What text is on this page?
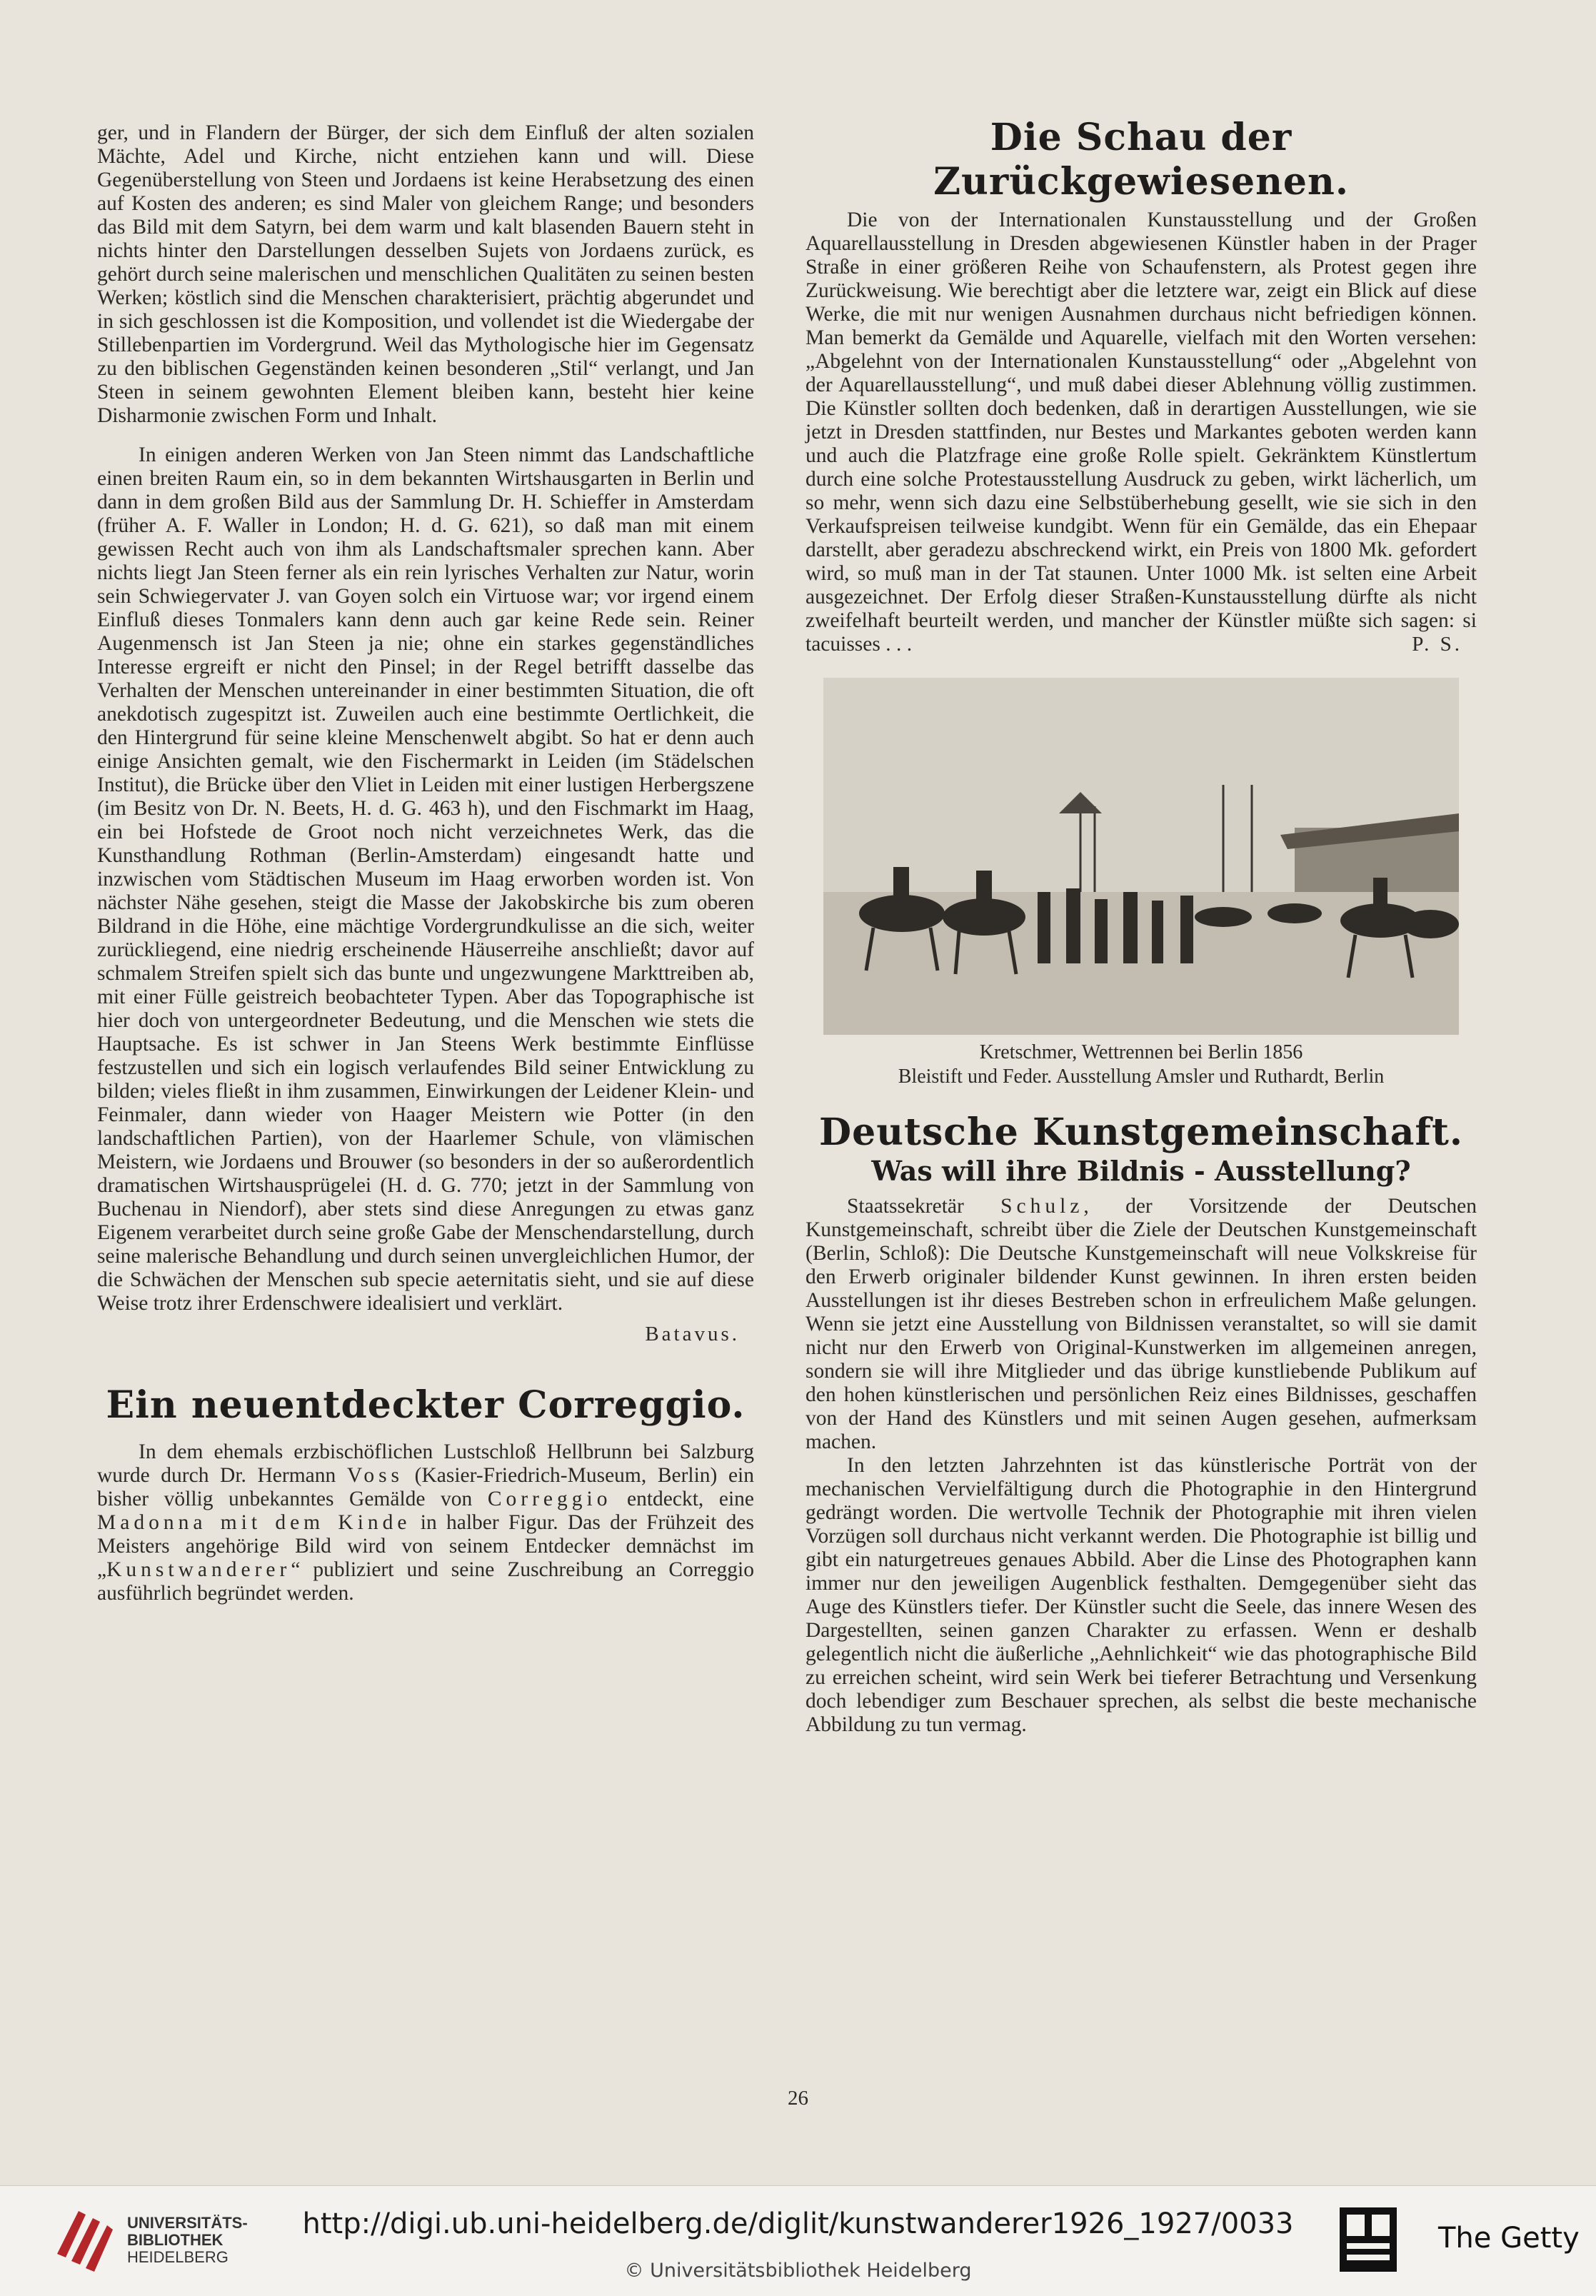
ger, und in Flandern der Bürger, der sich dem Einfluß der alten sozialen Mächte, Adel und Kirche, nicht entziehen kann und will. Diese Gegenüberstellung von Steen und Jordaens ist keine Herabsetzung des einen auf Kosten des anderen; es sind Maler von gleichem Range; und besonders das Bild mit dem Satyrn, bei dem warm und kalt blasenden Bauern steht in nichts hinter den Darstellungen desselben Sujets von Jordaens zurück, es gehört durch seine malerischen und menschlichen Qualitäten zu seinen besten Werken; köstlich sind die Menschen charakterisiert, prächtig abgerundet und in sich geschlossen ist die Komposition, und vollendet ist die Wiedergabe der Stillebenpartien im Vordergrund. Weil das Mythologische hier im Gegensatz zu den biblischen Gegenständen keinen besonderen „Stil“ verlangt, und Jan Steen in seinem gewohnten Element bleiben kann, besteht hier keine Disharmonie zwischen Form und Inhalt.

In einigen anderen Werken von Jan Steen nimmt das Landschaftliche einen breiten Raum ein, so in dem bekannten Wirtshausgarten in Berlin und dann in dem großen Bild aus der Sammlung Dr. H. Schieffer in Amsterdam (früher A. F. Waller in London; H. d. G. 621), so daß man mit einem gewissen Recht auch von ihm als Landschaftsmaler sprechen kann. Aber nichts liegt Jan Steen ferner als ein rein lyrisches Verhalten zur Natur, worin sein Schwiegervater J. van Goyen solch ein Virtuose war; vor irgend einem Einfluß dieses Tonmalers kann denn auch gar keine Rede sein. Reiner Augenmensch ist Jan Steen ja nie; ohne ein starkes gegenständliches Interesse ergreift er nicht den Pinsel; in der Regel betrifft dasselbe das Verhalten der Menschen untereinander in einer bestimmten Situation, die oft anekdotisch zugespitzt ist. Zuweilen auch eine bestimmte Oertlichkeit, die den Hintergrund für seine kleine Menschenwelt abgibt. So hat er denn auch einige Ansichten gemalt, wie den Fischermarkt in Leiden (im Städelschen Institut), die Brücke über den Vliet in Leiden mit einer lustigen Herbergszene (im Besitz von Dr. N. Beets, H. d. G. 463 h), und den Fischmarkt im Haag, ein bei Hofstede de Groot noch nicht verzeichnetes Werk, das die Kunsthandlung Rothman (Berlin-Amsterdam) eingesandt hatte und inzwischen vom Städtischen Museum im Haag erworben worden ist. Von nächster Nähe gesehen, steigt die Masse der Jakobskirche bis zum oberen Bildrand in die Höhe, eine mächtige Vordergrundkulisse an die sich, weiter zurückliegend, eine niedrig erscheinende Häuserreihe anschließt; davor auf schmalem Streifen spielt sich das bunte und ungezwungene Markttreiben ab, mit einer Fülle geistreich beobachteter Typen. Aber das Topographische ist hier doch von untergeordneter Bedeutung, und die Menschen wie stets die Hauptsache. Es ist schwer in Jan Steens Werk bestimmte Einflüsse festzustellen und sich ein logisch verlaufendes Bild seiner Entwicklung zu bilden; vieles fließt in ihm zusammen, Einwirkungen der Leidener Klein- und Feinmaler, dann wieder von Haager Meistern wie Potter (in den landschaftlichen Partien), von der Haarlemer Schule, von vlämischen Meistern, wie Jordaens und Brouwer (so besonders in der so außerordentlich dramatischen Wirtshausprügelei (H. d. G. 770; jetzt in der Sammlung von Buchenau in Niendorf), aber stets sind diese Anregungen zu etwas ganz Eigenem verarbeitet durch seine große Gabe der Menschendarstellung, durch seine malerische Behandlung und durch seinen unvergleichlichen Humor, der die Schwächen der Menschen sub specie aeternitatis sieht, und sie auf diese Weise trotz ihrer Erdenschwere idealisiert und verklärt.

Batavus.

Ein neuentdeckter Correggio.

In dem ehemals erzbischöflichen Lustschloß Hellbrunn bei Salzburg wurde durch Dr. Hermann Voss (Kasier-Friedrich-Museum, Berlin) ein bisher völlig unbekanntes Gemälde von Correggio entdeckt, eine Madonna mit dem Kinde in halber Figur. Das der Frühzeit des Meisters angehörige Bild wird von seinem Entdecker demnächst im „Kunstwanderer“ publiziert und seine Zuschreibung an Correggio ausführlich begründet werden.

Die Schau der Zurückgewiesenen.

Die von der Internationalen Kunstausstellung und der Großen Aquarellausstellung in Dresden abgewiesenen Künstler haben in der Prager Straße in einer größeren Reihe von Schaufenstern, als Protest gegen ihre Zurückweisung. Wie berechtigt aber die letztere war, zeigt ein Blick auf diese Werke, die mit nur wenigen Ausnahmen durchaus nicht befriedigen können. Man bemerkt da Gemälde und Aquarelle, vielfach mit den Worten versehen: „Abgelehnt von der Internationalen Kunstausstellung“ oder „Abgelehnt von der Aquarellausstellung“, und muß dabei dieser Ablehnung völlig zustimmen. Die Künstler sollten doch bedenken, daß in derartigen Ausstellungen, wie sie jetzt in Dresden stattfinden, nur Bestes und Markantes geboten werden kann und auch die Platzfrage eine große Rolle spielt. Gekränktem Künstlertum durch eine solche Protestausstellung Ausdruck zu geben, wirkt lächerlich, um so mehr, wenn sich dazu eine Selbstüberhebung gesellt, wie sie sich in den Verkaufspreisen teilweise kundgibt. Wenn für ein Gemälde, das ein Ehepaar darstellt, aber geradezu abschreckend wirkt, ein Preis von 1800 Mk. gefordert wird, so muß man in der Tat staunen. Unter 1000 Mk. ist selten eine Arbeit ausgezeichnet. Der Erfolg dieser Straßen-Kunstausstellung dürfte als nicht zweifelhaft beurteilt werden, und mancher der Künstler müßte sich sagen: si tacuisses . . .	P. S.

Kretschmer, Wettrennen bei Berlin 1856
Bleistift und Feder. Ausstellung Amsler und Ruthardt, Berlin
Deutsche Kunstgemeinschaft.
Was will ihre Bildnis - Ausstellung?

Staatssekretär Schulz, der Vorsitzende der Deutschen Kunstgemeinschaft, schreibt über die Ziele der Deutschen Kunstgemeinschaft (Berlin, Schloß): Die Deutsche Kunstgemeinschaft will neue Volkskreise für den Erwerb originaler bildender Kunst gewinnen. In ihren ersten beiden Ausstellungen ist ihr dieses Bestreben schon in erfreulichem Maße gelungen. Wenn sie jetzt eine Ausstellung von Bildnissen veranstaltet, so will sie damit nicht nur den Erwerb von Original-Kunstwerken im allgemeinen anregen, sondern sie will ihre Mitglieder und das übrige kunstliebende Publikum auf den hohen künstlerischen und persönlichen Reiz eines Bildnisses, geschaffen von der Hand des Künstlers und mit seinen Augen gesehen, aufmerksam machen.

In den letzten Jahrzehnten ist das künstlerische Porträt von der mechanischen Vervielfältigung durch die Photographie in den Hintergrund gedrängt worden. Die wertvolle Technik der Photographie mit ihren vielen Vorzügen soll durchaus nicht verkannt werden. Die Photographie ist billig und gibt ein naturgetreues genaues Abbild. Aber die Linse des Photographen kann immer nur den jeweiligen Augenblick festhalten. Demgegenüber sieht das Auge des Künstlers tiefer. Der Künstler sucht die Seele, das innere Wesen des Dargestellten, seinen ganzen Charakter zu erfassen. Wenn er deshalb gelegentlich nicht die äußerliche „Aehnlichkeit“ wie das photographische Bild zu erreichen scheint, wird sein Werk bei tieferer Betrachtung und Versenkung doch lebendiger zum Beschauer sprechen, als selbst die beste mechanische Abbildung zu tun vermag.

26
UNIVERSITÄTS-
BIBLIOTHEK
HEIDELBERG
http://digi.ub.uni-heidelberg.de/diglit/kunstwanderer1926_1927/0033
© Universitätsbibliothek Heidelberg
The Getty
